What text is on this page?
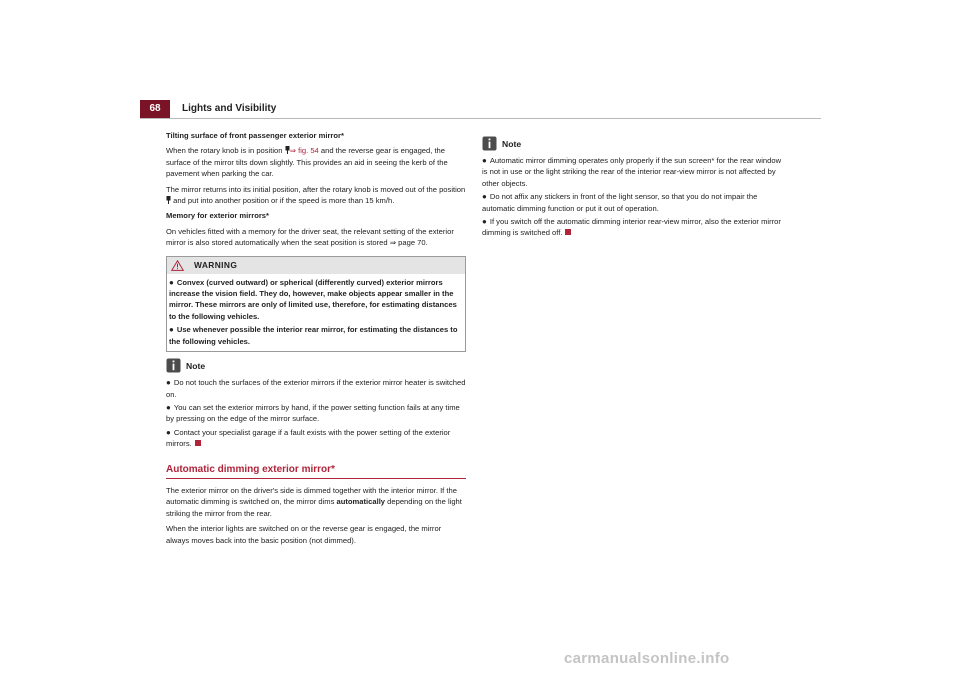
68	Lights and Visibility

Tilting surface of front passenger exterior mirror*

When the rotary knob is in position ⇒ fig. 54 and the reverse gear is engaged, the surface of the mirror tilts down slightly. This provides an aid in seeing the kerb of the pavement when parking the car.

The mirror returns into its initial position, after the rotary knob is moved out of the position  and put into another position or if the speed is more than 15 km/h.

Memory for exterior mirrors*

On vehicles fitted with a memory for the driver seat, the relevant setting of the exterior mirror is also stored automatically when the seat position is stored ⇒ page 70.

WARNING

● Convex (curved outward) or spherical (differently curved) exterior mirrors increase the vision field. They do, however, make objects appear smaller in the mirror. These mirrors are only of limited use, therefore, for estimating distances to the following vehicles.

● Use whenever possible the interior rear mirror, for estimating the distances to the following vehicles.

Note

● Do not touch the surfaces of the exterior mirrors if the exterior mirror heater is switched on.

● You can set the exterior mirrors by hand, if the power setting function fails at any time by pressing on the edge of the mirror surface.

● Contact your specialist garage if a fault exists with the power setting of the exterior mirrors.

Automatic dimming exterior mirror*

The exterior mirror on the driver's side is dimmed together with the interior mirror. If the automatic dimming is switched on, the mirror dims automatically depending on the light striking the mirror from the rear.

When the interior lights are switched on or the reverse gear is engaged, the mirror always moves back into the basic position (not dimmed).

Note

● Automatic mirror dimming operates only properly if the sun screen* for the rear window is not in use or the light striking the rear of the interior rear-view mirror is not affected by other objects.

● Do not affix any stickers in front of the light sensor, so that you do not impair the automatic dimming function or put it out of operation.

● If you switch off the automatic dimming interior rear-view mirror, also the exterior mirror dimming is switched off.

carmanualsonline.info
